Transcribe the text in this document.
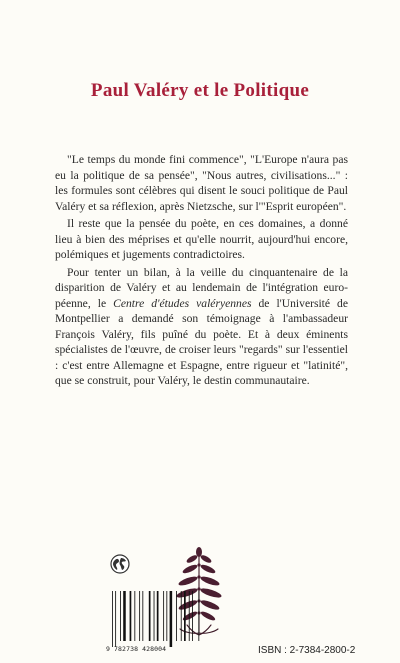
Paul Valéry et le Politique

"Le temps du monde fini commence", "L'Europe n'aura pas eu la politique de sa pensée", "Nous autres, civilisations..." : les formules sont célèbres qui disent le souci politique de Paul Valéry et sa réflexion, après Nietzsche, sur l'"Esprit européen".

Il reste que la pensée du poète, en ces domaines, a donné lieu à bien des méprises et qu'elle nourrit, aujourd'hui encore, polémiques et jugements contradictoires.

Pour tenter un bilan, à la veille du cinquantenaire de la disparition de Valéry et au lendemain de l'intégration européenne, le Centre d'études valéryennes de l'Université de Montpellier a demandé son témoignage à l'ambassadeur François Valéry, fils puîné du poète. Et à deux éminents spécialistes de l'œuvre, de croiser leurs "regards" sur l'essentiel : c'est entre Allemagne et Espagne, entre rigueur et "latinité", que se construit, pour Valéry, le destin communautaire.

9 782738 428004	ISBN : 2-7384-2800-2
